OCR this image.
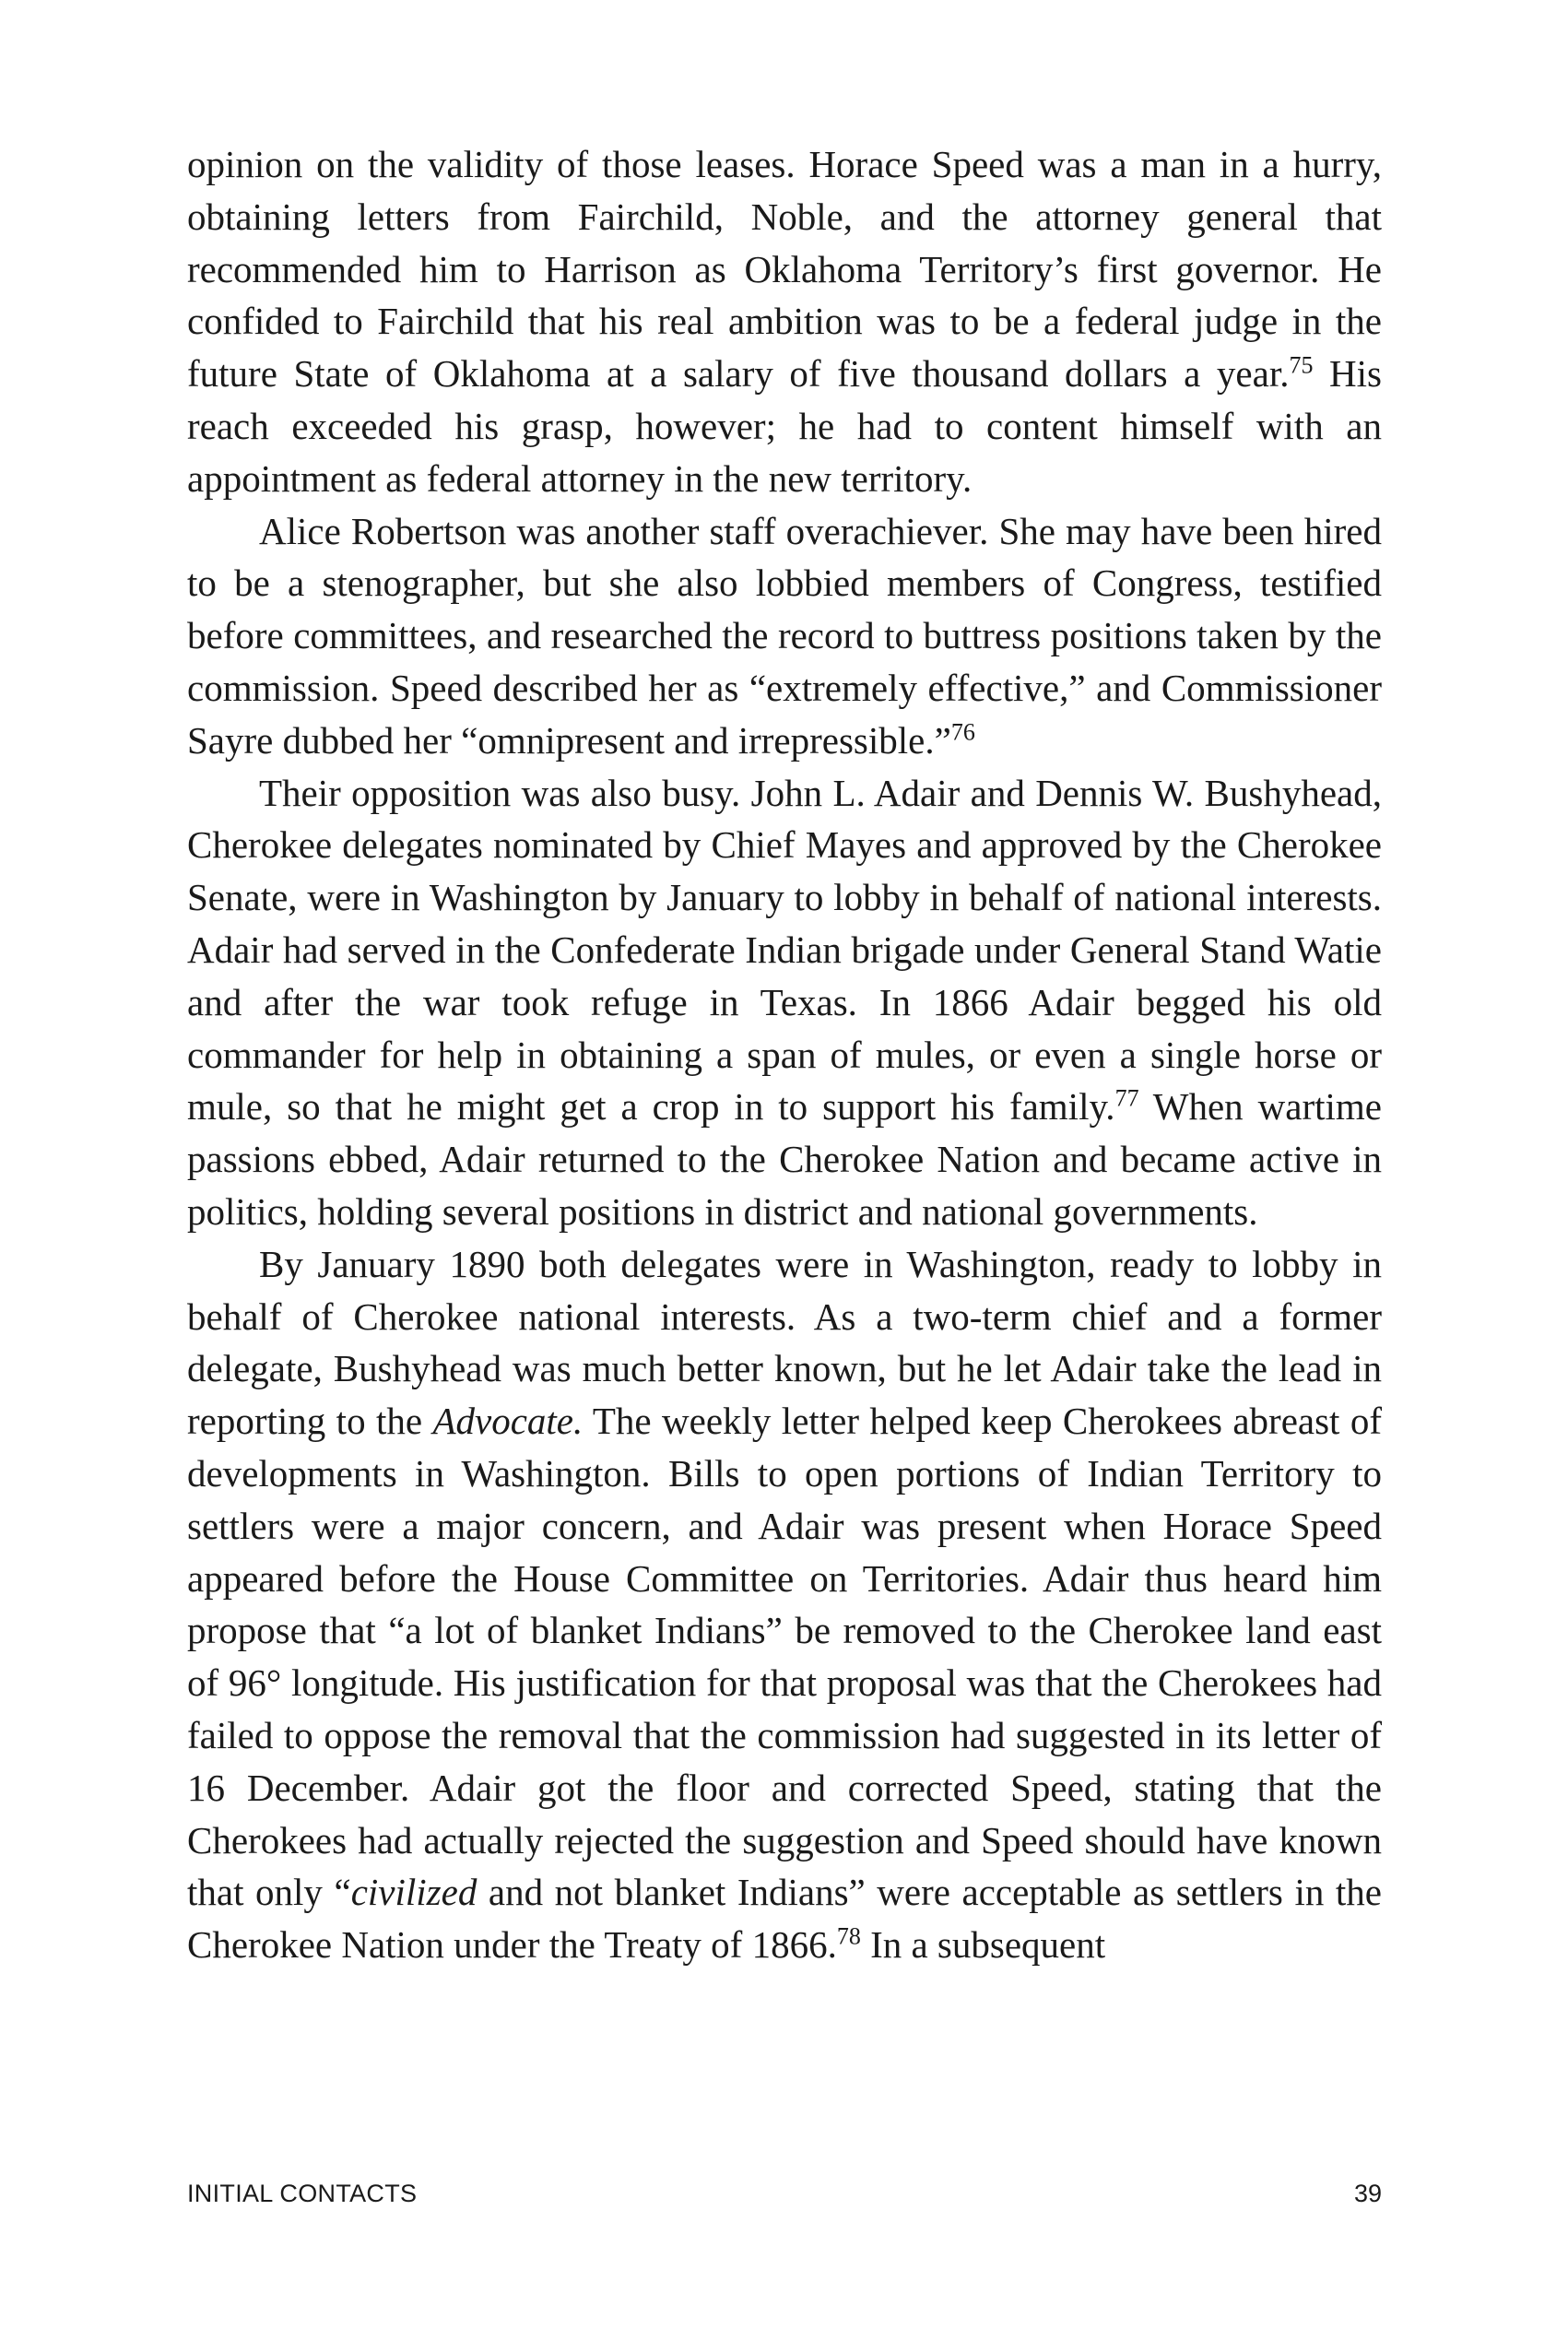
opinion on the validity of those leases. Horace Speed was a man in a hurry, obtaining letters from Fairchild, Noble, and the attorney general that recommended him to Harrison as Oklahoma Territory’s first governor. He confided to Fairchild that his real ambition was to be a federal judge in the future State of Oklahoma at a salary of five thousand dollars a year.$^{75}$ His reach exceeded his grasp, however; he had to content himself with an appointment as federal attorney in the new territory.

Alice Robertson was another staff overachiever. She may have been hired to be a stenographer, but she also lobbied members of Congress, testified before committees, and researched the record to buttress positions taken by the commission. Speed described her as “extremely effective,” and Commissioner Sayre dubbed her “omnipresent and irrepressible.”$^{76}$

Their opposition was also busy. John L. Adair and Dennis W. Bushyhead, Cherokee delegates nominated by Chief Mayes and approved by the Cherokee Senate, were in Washington by January to lobby in behalf of national interests. Adair had served in the Confederate Indian brigade under General Stand Watie and after the war took refuge in Texas. In 1866 Adair begged his old commander for help in obtaining a span of mules, or even a single horse or mule, so that he might get a crop in to support his family.$^{77}$ When wartime passions ebbed, Adair returned to the Cherokee Nation and became active in politics, holding several positions in district and national governments.

By January 1890 both delegates were in Washington, ready to lobby in behalf of Cherokee national interests. As a two-term chief and a former delegate, Bushyhead was much better known, but he let Adair take the lead in reporting to the Advocate. The weekly letter helped keep Cherokees abreast of developments in Washington. Bills to open portions of Indian Territory to settlers were a major concern, and Adair was present when Horace Speed appeared before the House Committee on Territories. Adair thus heard him propose that “a lot of blanket Indians” be removed to the Cherokee land east of 96° longitude. His justification for that proposal was that the Cherokees had failed to oppose the removal that the commission had suggested in its letter of 16 December. Adair got the floor and corrected Speed, stating that the Cherokees had actually rejected the suggestion and Speed should have known that only “civilized and not blanket Indians” were acceptable as settlers in the Cherokee Nation under the Treaty of 1866.78 In a subsequent

INITIAL CONTACTS	39
